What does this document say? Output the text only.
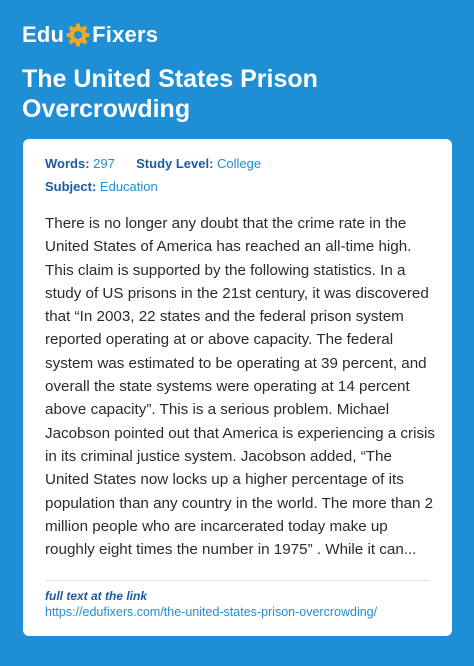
Edu Fixers
The United States Prison Overcrowding
Words: 297 Study Level: College
Subject: Education

There is no longer any doubt that the crime rate in the United States of America has reached an all-time high. This claim is supported by the following statistics. In a study of US prisons in the 21st century, it was discovered that “In 2003, 22 states and the federal prison system reported operating at or above capacity. The federal system was estimated to be operating at 39 percent, and overall the state systems were operating at 14 percent above capacity”. This is a serious problem. Michael Jacobson pointed out that America is experiencing a crisis in its criminal justice system. Jacobson added, “The United States now locks up a higher percentage of its population than any country in the world. The more than 2 million people who are incarcerated today make up roughly eight times the number in 1975” . While it can...

full text at the link
https://edufixers.com/the-united-states-prison-overcrowding/
